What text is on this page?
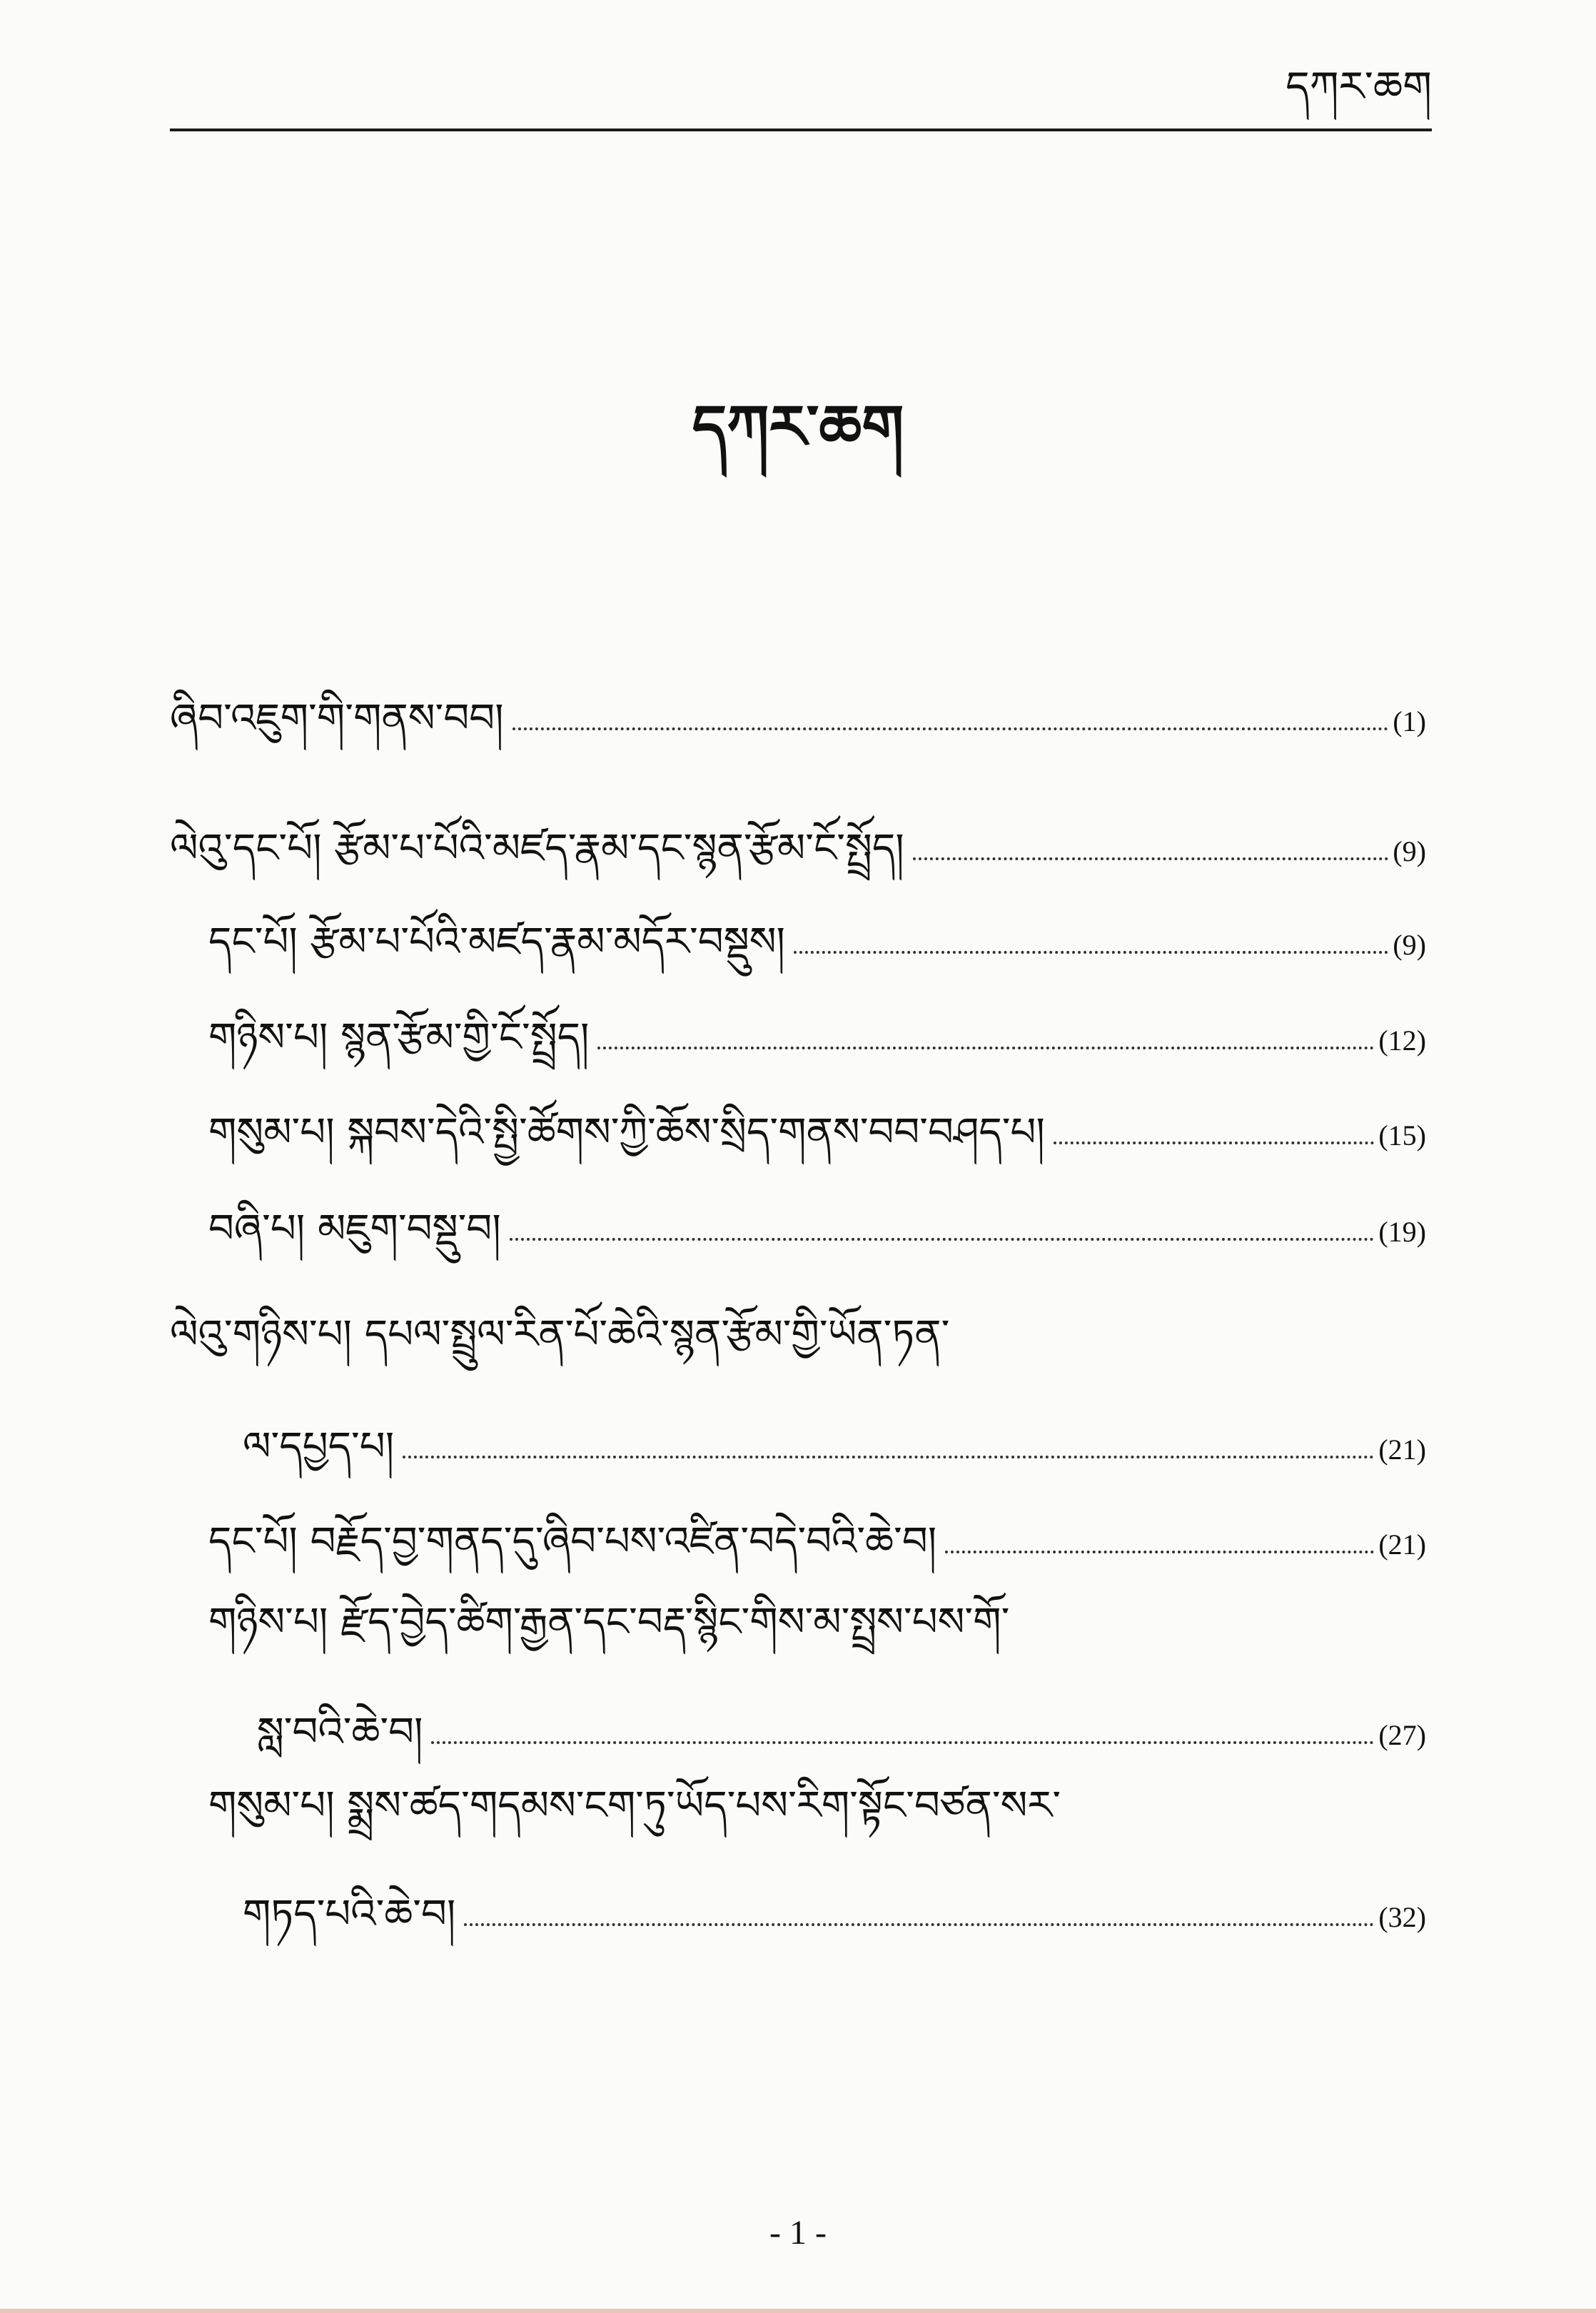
དཀར་ཆག
དཀར་ཆག
ཞིབ་འཇུག་གི་གནས་བབ།	(1)
ལེའུ་དང་པོ། རྩོམ་པ་པོའི་མཛད་རྣམ་དང་སྙན་རྩོམ་ངོ་སྤྲོད།	(9)
དང་པོ། རྩོམ་པ་པོའི་མཛད་རྣམ་མདོར་བསྡུས།	(9)
གཉིས་པ། སྙན་རྩོམ་གྱི་ངོ་སྤྲོད།	(12)
གསུམ་པ། སྐབས་དེའི་སྤྱི་ཚོགས་ཀྱི་ཆོས་སྲིད་གནས་བབ་བཤད་པ།	(15)
བཞི་པ། མཇུག་བསྡུ་བ།	(19)
ལེའུ་གཉིས་པ། དཔལ་སྤྲུལ་རིན་པོ་ཆེའི་སྙན་རྩོམ་གྱི་ཡོན་ཏན་
ལ་དཔྱད་པ།	(21)
དང་པོ། བརྗོད་བྱ་གནད་དུ་ཞིབ་པས་འཛིན་བདེ་བའི་ཆེ་བ།	(21)
གཉིས་པ། རྫོད་བྱེད་ཚིག་རྒྱན་དང་བརྡ་སྙིང་གིས་མ་སྤྲས་པས་གོ་
སླ་བའི་ཆེ་བ།	(27)
གསུམ་པ། སྨྲས་ཚད་གདམས་ངག་ཏུ་ཡོད་པས་རིག་སྟོང་བཙན་སར་
གཏད་པའི་ཆེ་བ།	(32)
- 1 -
